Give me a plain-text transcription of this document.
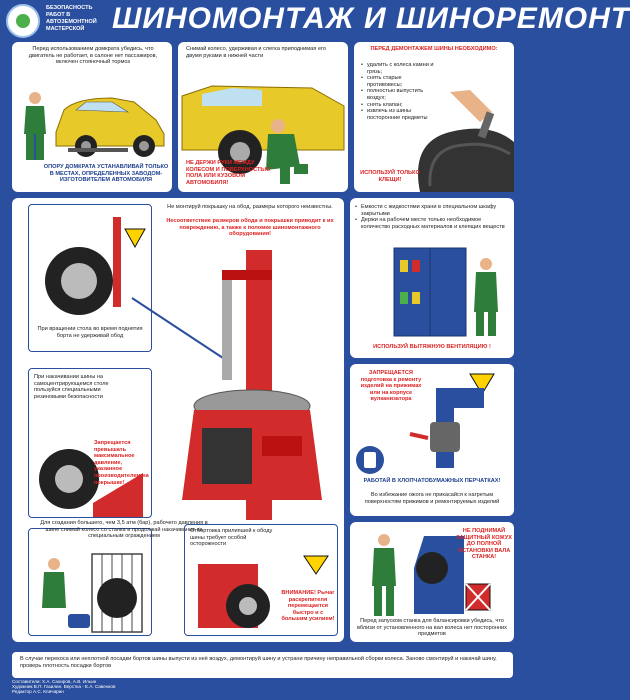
БЕЗОПАСНОСТЬ РАБОТ В АВТОЗЕМОНТНОЙ МАСТЕРСКОЙ ШИНОМОНТАЖ И ШИНОРЕМОНТ
Перед использованием домкрата убедись, что двигатель не работает, в салоне нет пассажиров, включен стояночный тормоз
ОПОРУ ДОМКРАТА УСТАНАВЛИВАЙ ТОЛЬКО В МЕСТАХ, ОПРЕДЕЛЕННЫХ ЗАВОДОМ-ИЗГОТОВИТЕЛЕМ АВТОМОБИЛЯ
Снимай колесо, удерживая и слегка приподнимая его двумя руками в нижней части
НЕ ДЕРЖИ РУКИ МЕЖДУ КОЛЕСОМ И ПОВЕРХНОСТЬЮ ПОЛА ИЛИ КУЗОВОМ АВТОМОБИЛЯ!
ПЕРЕД ДЕМОНТАЖЕМ ШИНЫ НЕОБХОДИМО:
• удалить с колеса камни и грязь;
• снять старые противовесы;
• полностью выпустить воздух;
• снять клапан;
• извлечь из шины посторонние предметы
ИСПОЛЬЗУЙ ТОЛЬКО КЛЕЩИ!
Не монтируй покрышку на обод, размеры которого неизвестны.
Несоответствие размеров обода и покрышки приводит к их повреждению, а также к поломке шиномонтажного оборудования!
При вращении стола во время поднятия борта не удерживай обод
При накачивании шины на самоцентрирующемся столе пользуйся специальными резиновыми безопасности
Запрещается превышать максимальное давление, указанное производителем на покрышке!
Для создания большего, чем 3,5 атм (бар), рабочего давления в шине снимай колесо со станка и продолжай накачивание за специальным ограждением
Отбортовка прилипшей к ободу шины требует особой осторожности
ВНИМАНИЕ! Рычаг раскрепителя перемещается быстро и с большим усилием!
• Емкости с жидкостями храни в специальном шкафу закрытыми
• Держи на рабочем месте только необходимое количество расходных материалов и клеящих веществ
ИСПОЛЬЗУЙ ВЫТЯЖНУЮ ВЕНТИЛЯЦИЮ !
ЗАПРЕЩАЕТСЯ подготовка к ремонту изделий на прижимах или на корпусе вулканизатора
РАБОТАЙ В ХЛОПЧАТОБУМАЖНЫХ ПЕРЧАТКАХ!
Во избежание ожога не прикасайся к нагретым поверхностям прижимов и ремонтируемых изделий
НЕ ПОДНИМАЙ ЗАЩИТНЫЙ КОЖУХ ДО ПОЛНОЙ ОСТАНОВКИ ВАЛА СТАНКА!
Перед запуском станка для балансировки убедись, что вблизи от установленного на вал колеса нет посторонних предметов
В случае перекоса или неплотной посадки бортов шины выпусти из неё воздух, демонтируй шину и устрани причину неправильной сборки колеса. Заново смонтируй и накачай шину, проверь плотность посадки бортов
Составители: Х.А. Сахиров, А.В. Ильин
Художник В.П. Газилин. Верстка - Е.А. Савенков
Редактор А.С. Кличарин
